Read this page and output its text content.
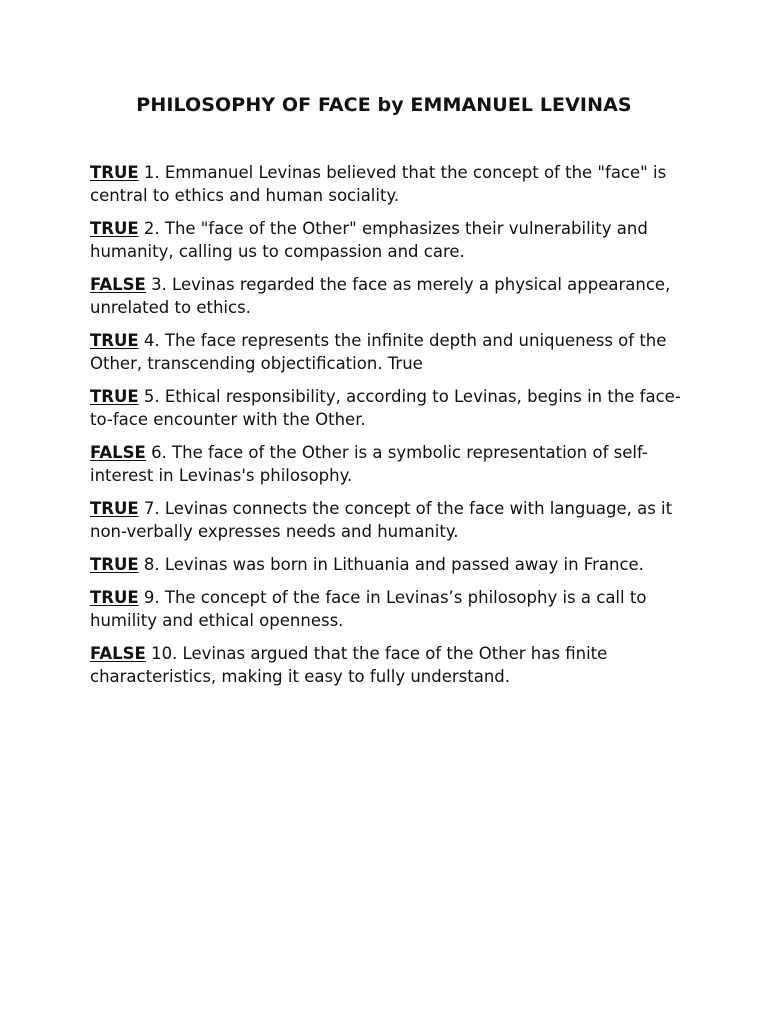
PHILOSOPHY OF FACE by EMMANUEL LEVINAS

TRUE 1. Emmanuel Levinas believed that the concept of the "face" is central to ethics and human sociality.

TRUE 2. The "face of the Other" emphasizes their vulnerability and humanity, calling us to compassion and care.

FALSE 3. Levinas regarded the face as merely a physical appearance, unrelated to ethics.

TRUE 4. The face represents the infinite depth and uniqueness of the Other, transcending objectification. True

TRUE 5. Ethical responsibility, according to Levinas, begins in the face-to-face encounter with the Other.

FALSE 6. The face of the Other is a symbolic representation of self-interest in Levinas's philosophy.

TRUE 7. Levinas connects the concept of the face with language, as it non-verbally expresses needs and humanity.

TRUE 8. Levinas was born in Lithuania and passed away in France.

TRUE 9. The concept of the face in Levinas’s philosophy is a call to humility and ethical openness.

FALSE 10. Levinas argued that the face of the Other has finite characteristics, making it easy to fully understand.
